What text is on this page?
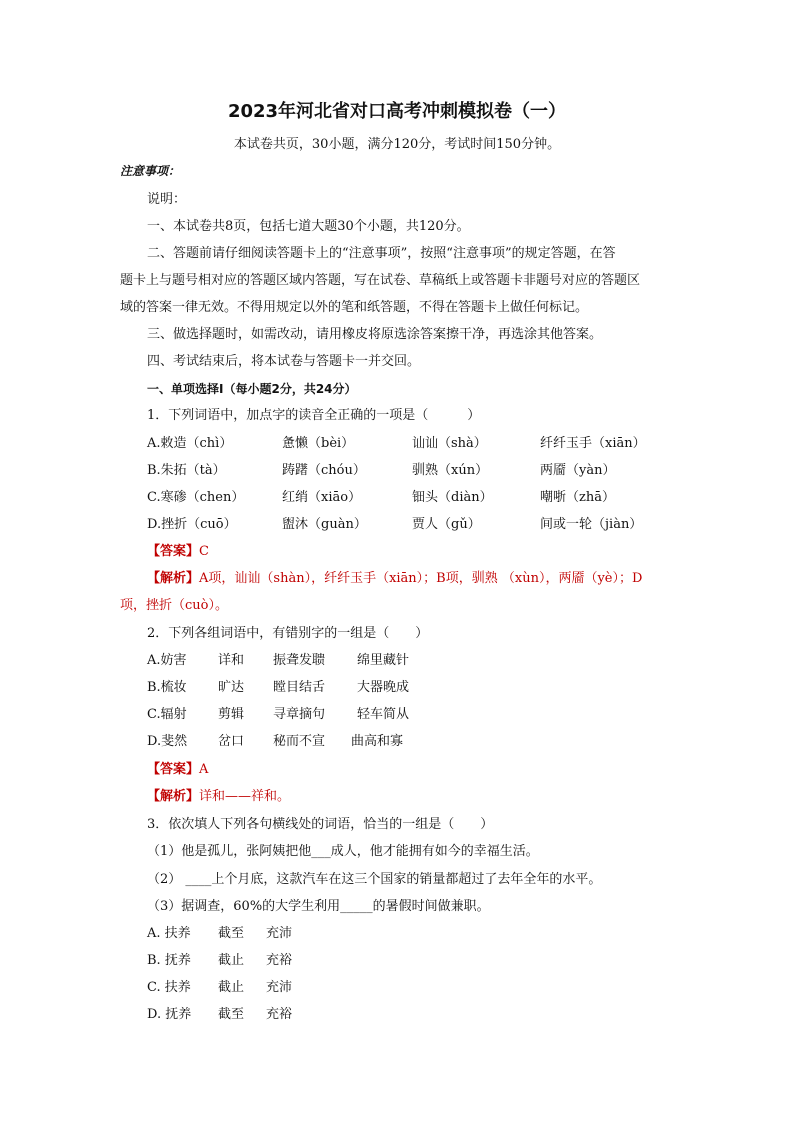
2023年河北省对口高考冲刺模拟卷（一）
本试卷共页，30小题，满分120分，考试时间150分钟。
注意事项：
说明：
一、本试卷共8页，包括七道大题30个小题，共120分。
二、答题前请仔细阅读答题卡上的“注意事项”，按照“注意事项”的规定答题，在答
题卡上与题号相对应的答题区域内答题，写在试卷、草稿纸上或答题卡非题号对应的答题区
域的答案一律无效。不得用规定以外的笔和纸答题，不得在答题卡上做任何标记。
三、做选择题时，如需改动，请用橡皮将原选涂答案擦干净，再选涂其他答案。
四、考试结束后，将本试卷与答题卡一并交回。
一、单项选择Ⅰ（每小题2分，共24分）
1．下列词语中，加点字的读音全正确的一项是（　　　）
A.敕造（chì）	惫懒（bèi）	讪讪（shà）	纤纤玉手（xiān）
B.朱拓（tà）	踌躇（chóu）	驯熟（xún）	两靥（yàn）
C.寒碜（chen）	红绡（xiāo）	钿头（diàn）	嘲哳（zhā）
D.挫折（cuō）	盥沐（guàn）	贾人（gǔ）	间或一轮（jiàn）
【答案】C
【解析】A项，讪讪（shàn），纤纤玉手（xiān）；B项，驯熟 （xùn），两靥（yè）；D
项，挫折（cuò）。
2．下列各组词语中，有错别字的一组是（　　）
A.妨害 详和 振聋发聩 绵里藏针
B.梳妆 旷达 瞠目结舌 大器晚成
C.辐射 剪辑 寻章摘句 轻车简从
D.斐然 岔口 秘而不宣 曲高和寡
【答案】A
【解析】详和——祥和。
3．依次填人下列各句横线处的词语，恰当的一组是（　　）
（1）他是孤儿，张阿姨把他___成人，他才能拥有如今的幸福生活。
（2） ____上个月底，这款汽车在这三个国家的销量都超过了去年全年的水平。
（3）据调查，60%的大学生利用_____的暑假时间做兼职。
A. 扶养 截至 充沛
B. 抚养 截止 充裕
C. 扶养 截止 充沛
D. 抚养 截至 充裕
